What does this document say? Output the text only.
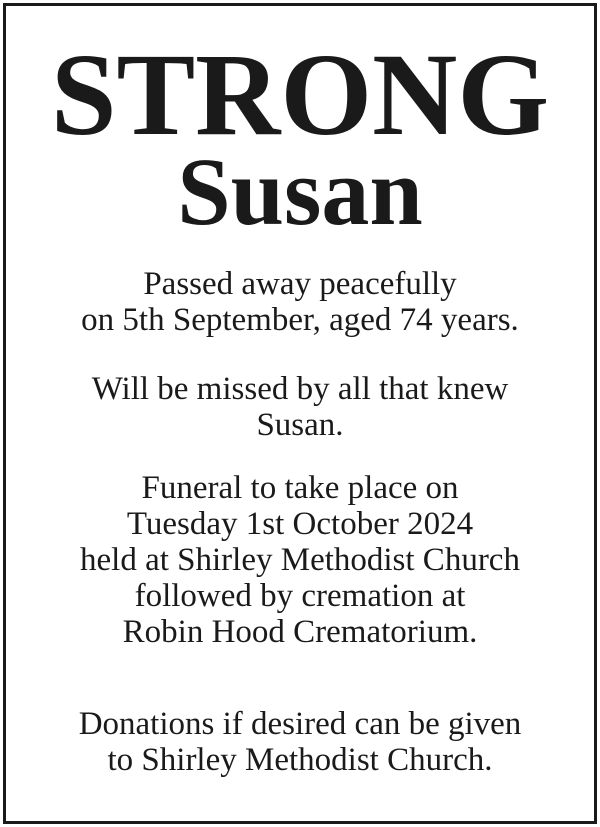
STRONG
Susan
Passed away peacefully
on 5th September, aged 74 years.
Will be missed by all that knew
Susan.
Funeral to take place on
Tuesday 1st October 2024
held at Shirley Methodist Church
followed by cremation at
Robin Hood Crematorium.
Donations if desired can be given
to Shirley Methodist Church.
